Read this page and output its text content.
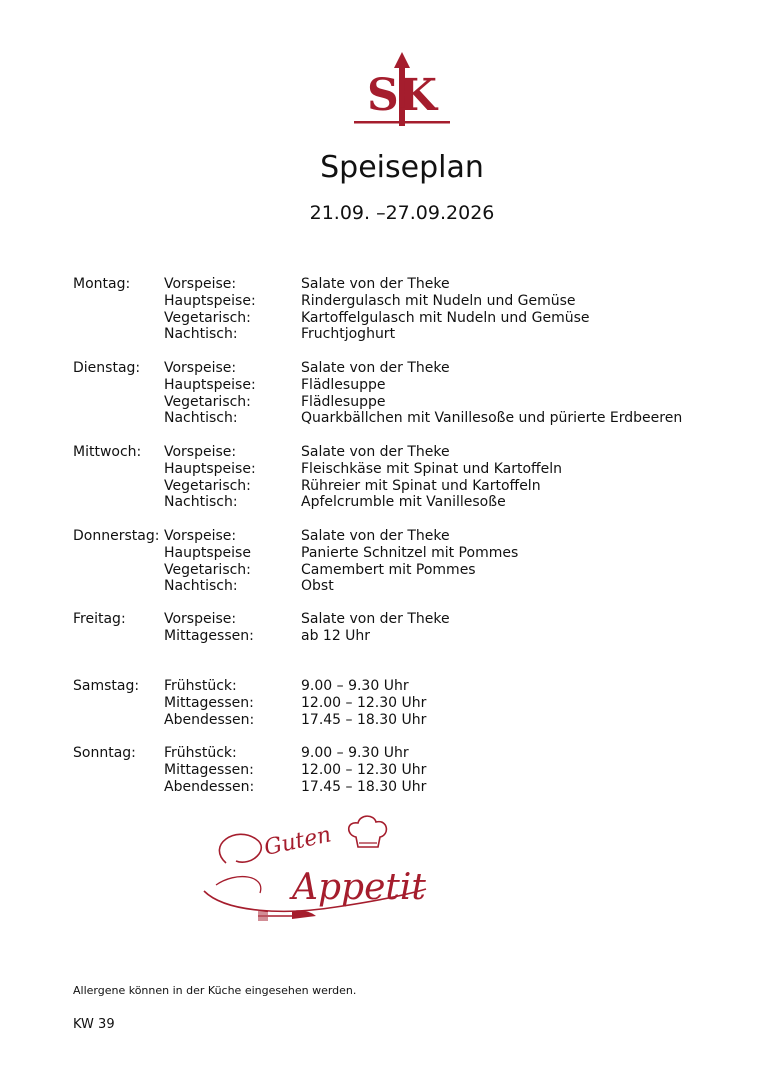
SK
Speiseplan
21.09. –27.09.2026
Montag: Vorspeise:	Salate von der Theke
Hauptspeise:	Rindergulasch mit Nudeln und Gemüse
Vegetarisch:	Kartoffelgulasch mit Nudeln und Gemüse
Nachtisch:	Fruchtjoghurt
Dienstag: Vorspeise:	Salate von der Theke
Hauptspeise:	Flädlesuppe
Vegetarisch:	Flädlesuppe
Nachtisch:	Quarkbällchen mit Vanillesoße und pürierte Erdbeeren
Mittwoch: Vorspeise:	Salate von der Theke
Hauptspeise:	Fleischkäse mit Spinat und Kartoffeln
Vegetarisch:	Rühreier mit Spinat und Kartoffeln
Nachtisch:	Apfelcrumble mit Vanillesoße
Donnerstag: Vorspeise:	Salate von der Theke
Hauptspeise	Panierte Schnitzel mit Pommes
Vegetarisch:	Camembert mit Pommes
Nachtisch:	Obst
Freitag:	Vorspeise:	Salate von der Theke
Mittagessen:	ab 12 Uhr
Samstag: Frühstück:	9.00 – 9.30 Uhr
Mittagessen:	12.00 – 12.30 Uhr
Abendessen:	17.45 – 18.30 Uhr
Sonntag: Frühstück:	9.00 – 9.30 Uhr
Mittagessen:	12.00 – 12.30 Uhr
Abendessen:	17.45 – 18.30 Uhr
Guten
Appetit
Allergene können in der Küche eingesehen werden.
KW 39
